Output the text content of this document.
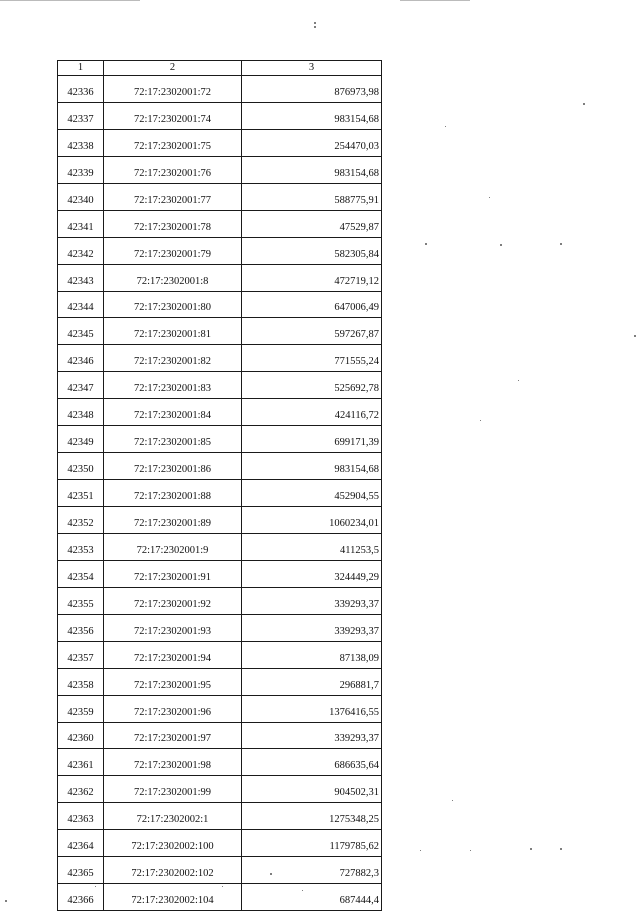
1	2	3
42336	72:17:2302001:72	876973,98
42337	72:17:2302001:74	983154,68
42338	72:17:2302001:75	254470,03
42339	72:17:2302001:76	983154,68
42340	72:17:2302001:77	588775,91
42341	72:17:2302001:78	47529,87
42342	72:17:2302001:79	582305,84
42343	72:17:2302001:8	472719,12
42344	72:17:2302001:80	647006,49
42345	72:17:2302001:81	597267,87
42346	72:17:2302001:82	771555,24
42347	72:17:2302001:83	525692,78
42348	72:17:2302001:84	424116,72
42349	72:17:2302001:85	699171,39
42350	72:17:2302001:86	983154,68
42351	72:17:2302001:88	452904,55
42352	72:17:2302001:89	1060234,01
42353	72:17:2302001:9	411253,5
42354	72:17:2302001:91	324449,29
42355	72:17:2302001:92	339293,37
42356	72:17:2302001:93	339293,37
42357	72:17:2302001:94	87138,09
42358	72:17:2302001:95	296881,7
42359	72:17:2302001:96	1376416,55
42360	72:17:2302001:97	339293,37
42361	72:17:2302001:98	686635,64
42362	72:17:2302001:99	904502,31
42363	72:17:2302002:1	1275348,25
42364	72:17:2302002:100	1179785,62
42365	72:17:2302002:102	727882,3
42366	72:17:2302002:104	687444,4
